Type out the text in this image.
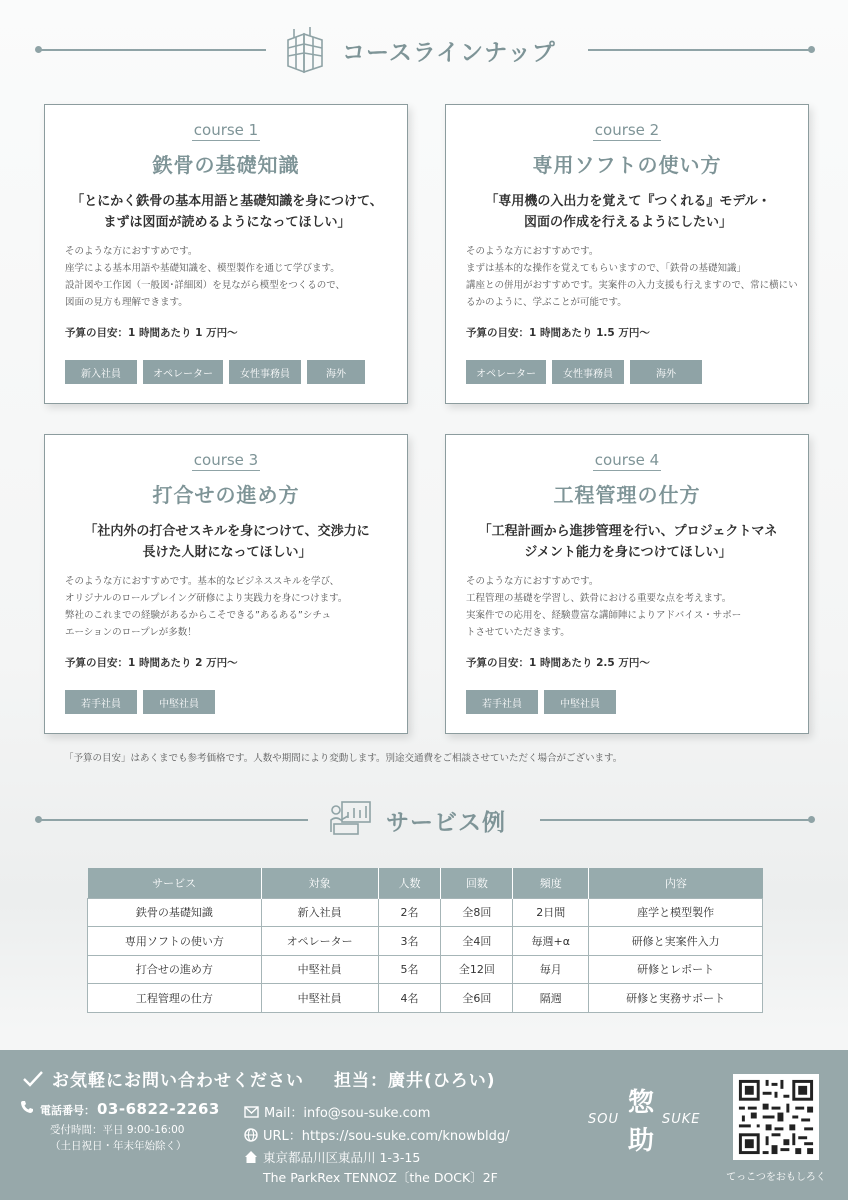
コースラインナップ
course 1
鉄骨の基礎知識
「とにかく鉄骨の基本用語と基礎知識を身につけて、
まずは図面が読めるようになってほしい」
そのような方におすすめです。
座学による基本用語や基礎知識を、模型製作を通じて学びます。
設計図や工作図（一般図･詳細図）を見ながら模型をつくるので、
図面の見方も理解できます。
予算の目安：1 時間あたり 1 万円〜
新入社員	オペレーター	女性事務員	海外
course 2
専用ソフトの使い方
「専用機の入出力を覚えて『つくれる』モデル・
図面の作成を行えるようにしたい」
そのような方におすすめです。
まずは基本的な操作を覚えてもらいますので、「鉄骨の基礎知識」
講座との併用がおすすめです。実案件の入力支援も行えますので、常に横にいるかのように、学ぶことが可能です。
予算の目安：1 時間あたり 1.5 万円〜
オペレーター	女性事務員	海外
course 3
打合せの進め方
「社内外の打合せスキルを身につけて、交渉力に
長けた人財になってほしい」
そのような方におすすめです。基本的なビジネススキルを学び、
オリジナルのロールプレイング研修により実践力を身につけます。
弊社のこれまでの経験があるからこそできる”あるある”シチュ
エーションのロープレが多数！
予算の目安：1 時間あたり 2 万円〜
若手社員	中堅社員
course 4
工程管理の仕方
「工程計画から進捗管理を行い、プロジェクトマネ
ジメント能力を身につけてほしい」
そのような方におすすめです。
工程管理の基礎を学習し、鉄骨における重要な点を考えます。
実案件での応用を、経験豊富な講師陣によりアドバイス・サポー
トさせていただきます。
予算の目安：1 時間あたり 2.5 万円〜
若手社員	中堅社員
「予算の目安」はあくまでも参考価格です。人数や期間により変動します。別途交通費をご相談させていただく場合がございます。
サービス例
サービス	対象	人数	回数	頻度	内容
鉄骨の基礎知識	新入社員	2名	全8回	2日間	座学と模型製作
専用ソフトの使い方	オペレーター	3名	全4回	毎週+α	研修と実案件入力
打合せの進め方	中堅社員	5名	全12回	毎月	研修とレポート
工程管理の仕方	中堅社員	4名	全6回	隔週	研修と実務サポート
お気軽にお問い合わせください 担当：廣井(ひろい)
電話番号： 03-6822-2263
受付時間：平日 9:00-16:00
（土日祝日・年末年始除く）
Mail：info@sou-suke.com
URL：https://sou-suke.com/knowbldg/
東京都品川区東品川 1-3-15
The ParkRex TENNOZ〔the DOCK〕2F
SOU
惣
助
SUKE
てっこつをおもしろく
